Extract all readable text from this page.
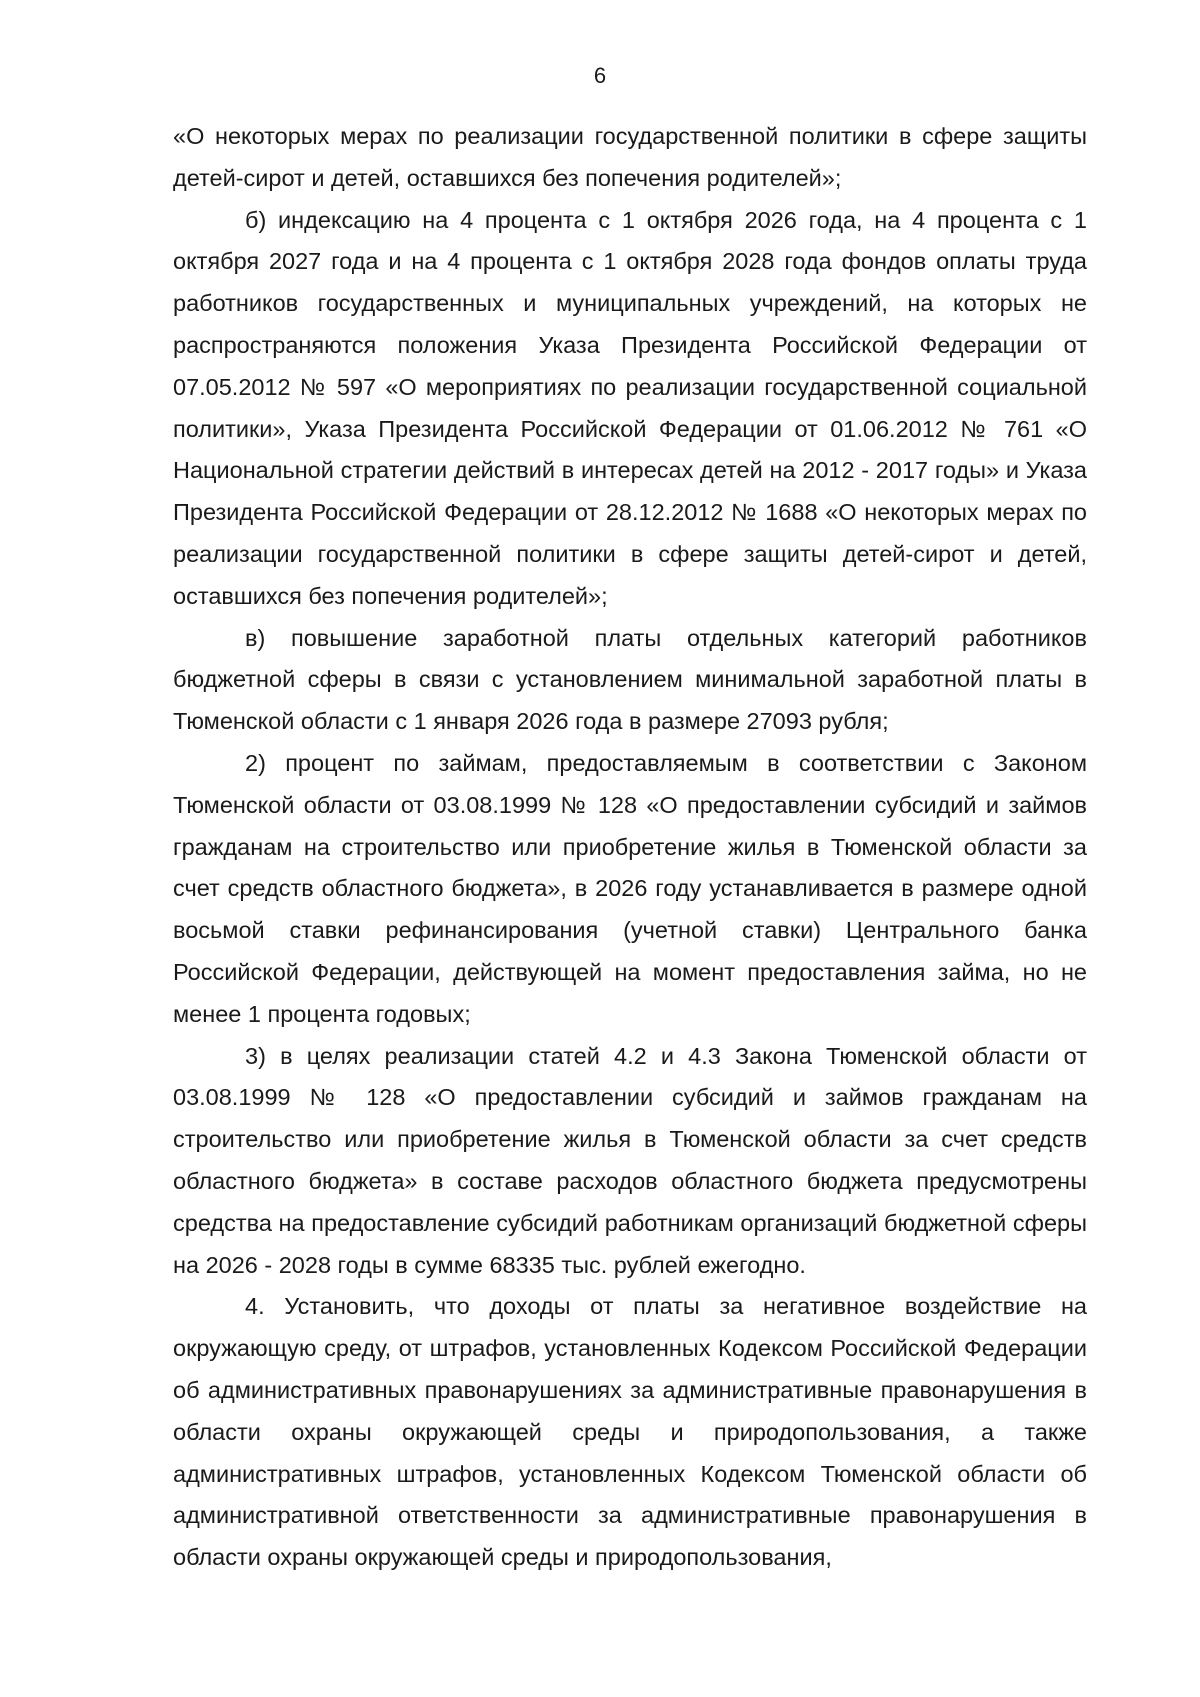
6

«О некоторых мерах по реализации государственной политики в сфере защиты детей-сирот и детей, оставшихся без попечения родителей»;

б) индексацию на 4 процента с 1 октября 2026 года, на 4 процента с 1 октября 2027 года и на 4 процента с 1 октября 2028 года фондов оплаты труда работников государственных и муниципальных учреждений, на которых не распространяются положения Указа Президента Российской Федерации от 07.05.2012 № 597 «О мероприятиях по реализации государственной социальной политики», Указа Президента Российской Федерации от 01.06.2012 № 761 «О Национальной стратегии действий в интересах детей на 2012 - 2017 годы» и Указа Президента Российской Федерации от 28.12.2012 № 1688 «О некоторых мерах по реализации государственной политики в сфере защиты детей-сирот и детей, оставшихся без попечения родителей»;

в) повышение заработной платы отдельных категорий работников бюджетной сферы в связи с установлением минимальной заработной платы в Тюменской области с 1 января 2026 года в размере 27093 рубля;

2) процент по займам, предоставляемым в соответствии с Законом Тюменской области от 03.08.1999 № 128 «О предоставлении субсидий и займов гражданам на строительство или приобретение жилья в Тюменской области за счет средств областного бюджета», в 2026 году устанавливается в размере одной восьмой ставки рефинансирования (учетной ставки) Центрального банка Российской Федерации, действующей на момент предоставления займа, но не менее 1 процента годовых;

3) в целях реализации статей 4.2 и 4.3 Закона Тюменской области от 03.08.1999 № 128 «О предоставлении субсидий и займов гражданам на строительство или приобретение жилья в Тюменской области за счет средств областного бюджета» в составе расходов областного бюджета предусмотрены средства на предоставление субсидий работникам организаций бюджетной сферы на 2026 - 2028 годы в сумме 68335 тыс. рублей ежегодно.

4. Установить, что доходы от платы за негативное воздействие на окружающую среду, от штрафов, установленных Кодексом Российской Федерации об административных правонарушениях за административные правонарушения в области охраны окружающей среды и природопользования, а также административных штрафов, установленных Кодексом Тюменской области об административной ответственности за административные правонарушения в области охраны окружающей среды и природопользования,
